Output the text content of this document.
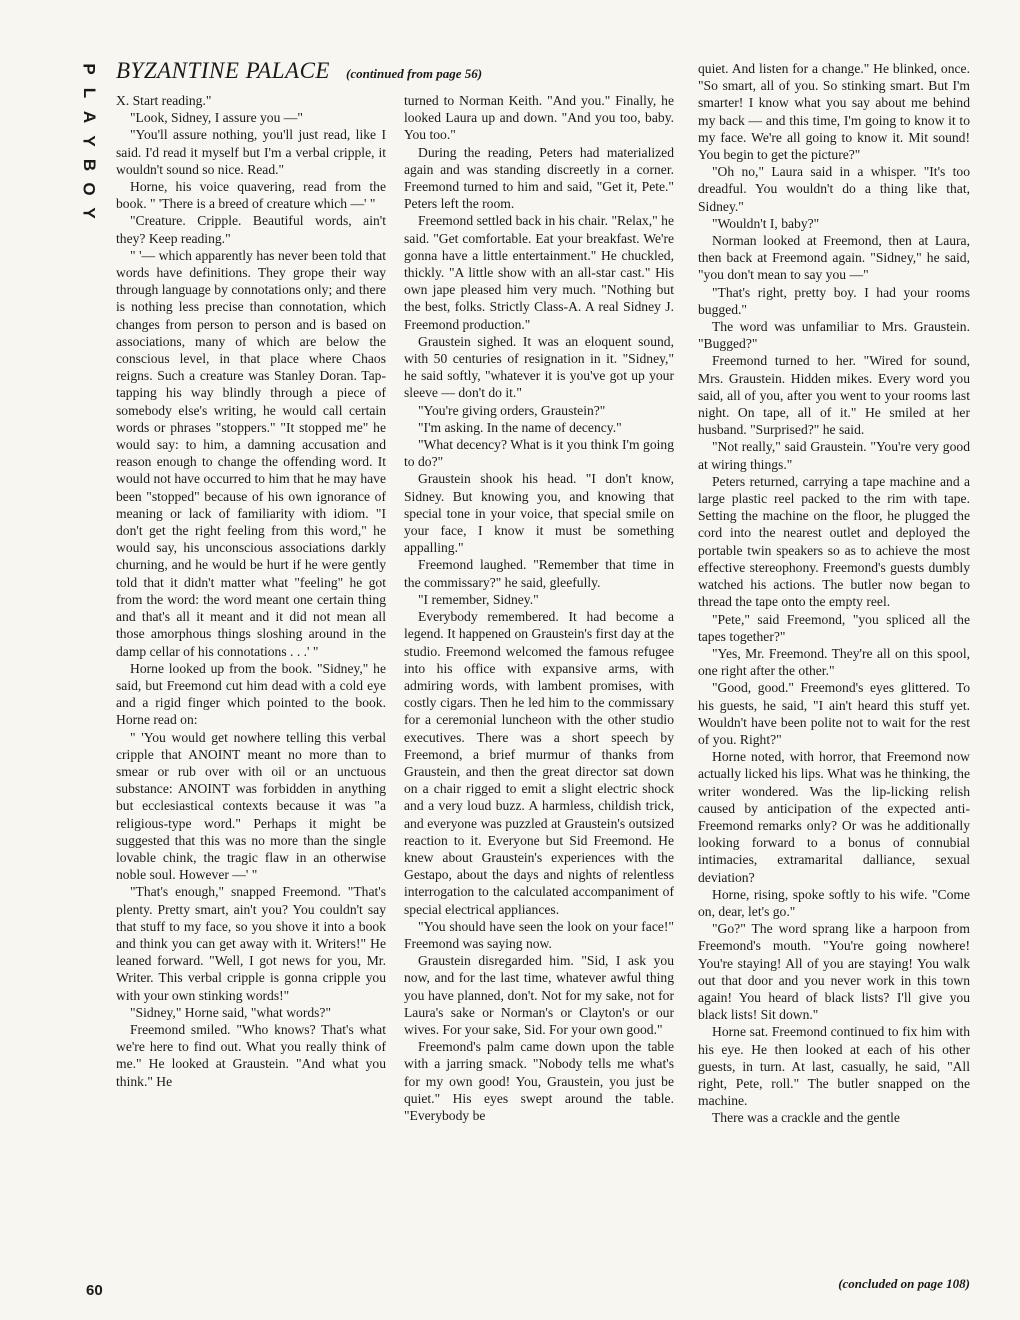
P
L
A
Y
B
O
Y
BYZANTINE PALACE (continued from page 56)

X. Start reading."

"Look, Sidney, I assure you —"

"You'll assure nothing, you'll just read, like I said. I'd read it myself but I'm a verbal cripple, it wouldn't sound so nice. Read."

Horne, his voice quavering, read from the book. " 'There is a breed of creature which —' "

"Creature. Cripple. Beautiful words, ain't they? Keep reading."

" '— which apparently has never been told that words have definitions. They grope their way through language by connotations only; and there is nothing less precise than connotation, which changes from person to person and is based on associations, many of which are below the conscious level, in that place where Chaos reigns. Such a creature was Stanley Doran. Tap-tapping his way blindly through a piece of somebody else's writing, he would call certain words or phrases "stoppers." "It stopped me" he would say: to him, a damning accusation and reason enough to change the offending word. It would not have occurred to him that he may have been "stopped" because of his own ignorance of meaning or lack of familiarity with idiom. "I don't get the right feeling from this word," he would say, his unconscious associations darkly churning, and he would be hurt if he were gently told that it didn't matter what "feeling" he got from the word: the word meant one certain thing and that's all it meant and it did not mean all those amorphous things sloshing around in the damp cellar of his connotations . . .' "

Horne looked up from the book. "Sidney," he said, but Freemond cut him dead with a cold eye and a rigid finger which pointed to the book. Horne read on:

" 'You would get nowhere telling this verbal cripple that ANOINT meant no more than to smear or rub over with oil or an unctuous substance: ANOINT was forbidden in anything but ecclesiastical contexts because it was "a religious-type word." Perhaps it might be suggested that this was no more than the single lovable chink, the tragic flaw in an otherwise noble soul. However —' "

"That's enough," snapped Freemond. "That's plenty. Pretty smart, ain't you? You couldn't say that stuff to my face, so you shove it into a book and think you can get away with it. Writers!" He leaned forward. "Well, I got news for you, Mr. Writer. This verbal cripple is gonna cripple you with your own stinking words!"

"Sidney," Horne said, "what words?"

Freemond smiled. "Who knows? That's what we're here to find out. What you really think of me." He looked at Graustein. "And what you think." He

turned to Norman Keith. "And you." Finally, he looked Laura up and down. "And you too, baby. You too."

During the reading, Peters had materialized again and was standing discreetly in a corner. Freemond turned to him and said, "Get it, Pete." Peters left the room.

Freemond settled back in his chair. "Relax," he said. "Get comfortable. Eat your breakfast. We're gonna have a little entertainment." He chuckled, thickly. "A little show with an all-star cast." His own jape pleased him very much. "Nothing but the best, folks. Strictly Class-A. A real Sidney J. Freemond production."

Graustein sighed. It was an eloquent sound, with 50 centuries of resignation in it. "Sidney," he said softly, "whatever it is you've got up your sleeve — don't do it."

"You're giving orders, Graustein?"

"I'm asking. In the name of decency."

"What decency? What is it you think I'm going to do?"

Graustein shook his head. "I don't know, Sidney. But knowing you, and knowing that special tone in your voice, that special smile on your face, I know it must be something appalling."

Freemond laughed. "Remember that time in the commissary?" he said, gleefully.

"I remember, Sidney."

Everybody remembered. It had become a legend. It happened on Graustein's first day at the studio. Freemond welcomed the famous refugee into his office with expansive arms, with admiring words, with lambent promises, with costly cigars. Then he led him to the commissary for a ceremonial luncheon with the other studio executives. There was a short speech by Freemond, a brief murmur of thanks from Graustein, and then the great director sat down on a chair rigged to emit a slight electric shock and a very loud buzz. A harmless, childish trick, and everyone was puzzled at Graustein's outsized reaction to it. Everyone but Sid Freemond. He knew about Graustein's experiences with the Gestapo, about the days and nights of relentless interrogation to the calculated accompaniment of special electrical appliances.

"You should have seen the look on your face!" Freemond was saying now.

Graustein disregarded him. "Sid, I ask you now, and for the last time, whatever awful thing you have planned, don't. Not for my sake, not for Laura's sake or Norman's or Clayton's or our wives. For your sake, Sid. For your own good."

Freemond's palm came down upon the table with a jarring smack. "Nobody tells me what's for my own good! You, Graustein, you just be quiet." His eyes swept around the table. "Everybody be

quiet. And listen for a change." He blinked, once. "So smart, all of you. So stinking smart. But I'm smarter! I know what you say about me behind my back — and this time, I'm going to know it to my face. We're all going to know it. Mit sound! You begin to get the picture?"

"Oh no," Laura said in a whisper. "It's too dreadful. You wouldn't do a thing like that, Sidney."

"Wouldn't I, baby?"

Norman looked at Freemond, then at Laura, then back at Freemond again. "Sidney," he said, "you don't mean to say you —"

"That's right, pretty boy. I had your rooms bugged."

The word was unfamiliar to Mrs. Graustein. "Bugged?"

Freemond turned to her. "Wired for sound, Mrs. Graustein. Hidden mikes. Every word you said, all of you, after you went to your rooms last night. On tape, all of it." He smiled at her husband. "Surprised?" he said.

"Not really," said Graustein. "You're very good at wiring things."

Peters returned, carrying a tape machine and a large plastic reel packed to the rim with tape. Setting the machine on the floor, he plugged the cord into the nearest outlet and deployed the portable twin speakers so as to achieve the most effective stereophony. Freemond's guests dumbly watched his actions. The butler now began to thread the tape onto the empty reel.

"Pete," said Freemond, "you spliced all the tapes together?"

"Yes, Mr. Freemond. They're all on this spool, one right after the other."

"Good, good." Freemond's eyes glittered. To his guests, he said, "I ain't heard this stuff yet. Wouldn't have been polite not to wait for the rest of you. Right?"

Horne noted, with horror, that Freemond now actually licked his lips. What was he thinking, the writer wondered. Was the lip-licking relish caused by anticipation of the expected anti-Freemond remarks only? Or was he additionally looking forward to a bonus of connubial intimacies, extramarital dalliance, sexual deviation?

Horne, rising, spoke softly to his wife. "Come on, dear, let's go."

"Go?" The word sprang like a harpoon from Freemond's mouth. "You're going nowhere! You're staying! All of you are staying! You walk out that door and you never work in this town again! You heard of black lists? I'll give you black lists! Sit down."

Horne sat. Freemond continued to fix him with his eye. He then looked at each of his other guests, in turn. At last, casually, he said, "All right, Pete, roll." The butler snapped on the machine.

There was a crackle and the gentle

(concluded on page 108)
60
